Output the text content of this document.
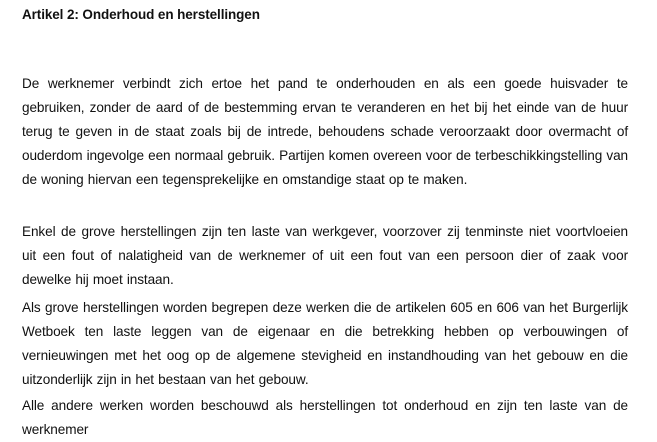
Artikel 2: Onderhoud en herstellingen

De werknemer verbindt zich ertoe het pand te onderhouden en als een goede huisvader te gebruiken, zonder de aard of de bestemming ervan te veranderen en het bij het einde van de huur terug te geven in de staat zoals bij de intrede, behoudens schade veroorzaakt door overmacht of ouderdom ingevolge een normaal gebruik. Partijen komen overeen voor de terbeschikkingstelling van de woning hiervan een tegensprekelijke en omstandige staat op te maken.

Enkel de grove herstellingen zijn ten laste van werkgever, voorzover zij tenminste niet voortvloeien uit een fout of nalatigheid van de werknemer of uit een fout van een persoon dier of zaak voor dewelke hij moet instaan.

Als grove herstellingen worden begrepen deze werken die de artikelen 605 en 606 van het Burgerlijk Wetboek ten laste leggen van de eigenaar en die betrekking hebben op verbouwingen of vernieuwingen met het oog op de algemene stevigheid en instandhouding van het gebouw en die uitzonderlijk zijn in het bestaan van het gebouw.

Alle andere werken worden beschouwd als herstellingen tot onderhoud en zijn ten laste van de werknemer
